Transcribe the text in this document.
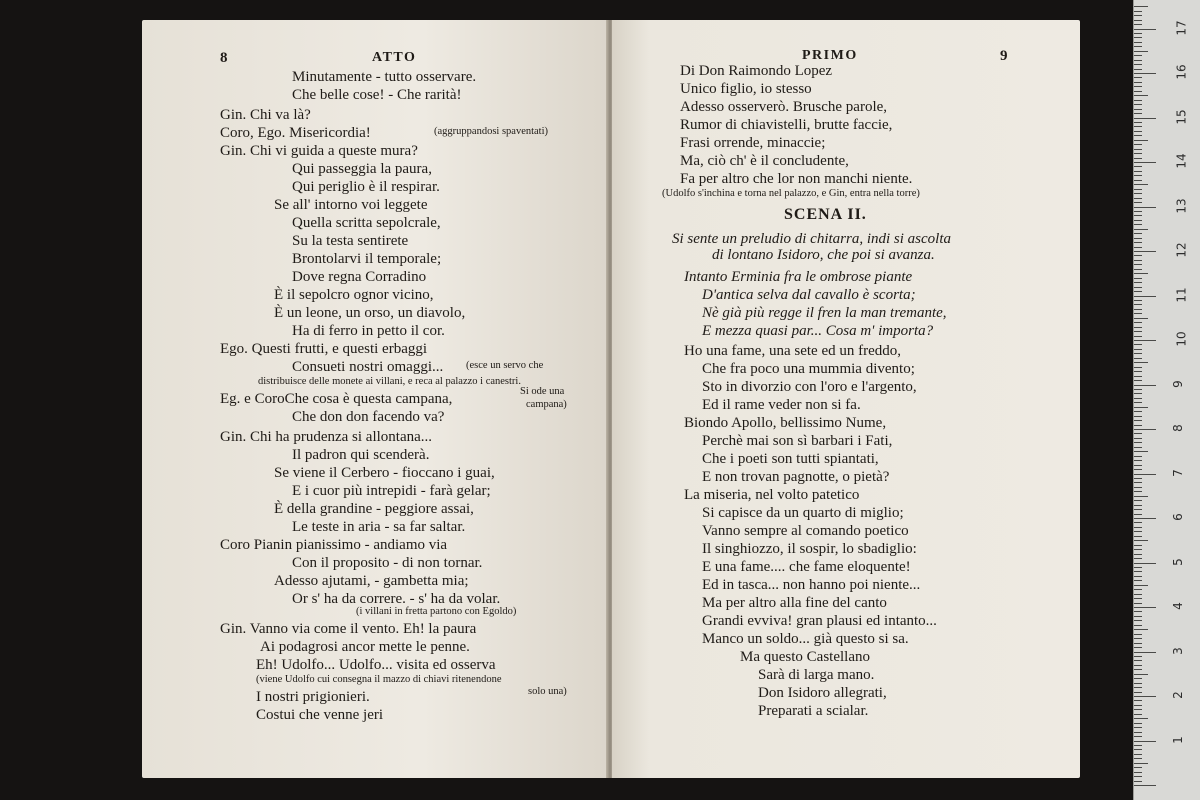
8	ATTO
Minutamente - tutto osservare.
Che belle cose! - Che rarità!
Gin. Chi va là?
Coro, Ego. Misericordia!	(aggruppandosi spaventati)
Gin. Chi vi guida a queste mura?
Qui passeggia la paura,
Qui periglio è il respirar.
Se all' intorno voi leggete
Quella scritta sepolcrale,
Su la testa sentirete
Brontolarvi il temporale;
Dove regna Corradino
È il sepolcro ognor vicino,
È un leone, un orso, un diavolo,
Ha di ferro in petto il cor.
Ego. Questi frutti, e questi erbaggi
Consueti nostri omaggi... (esce un servo che
distribuisce delle monete ai villani, e reca al palazzo i canestri.
Eg. e CoroChe cosa è questa campana,	Si ode una
campana)
Che don don facendo va?
Gin. Chi ha prudenza si allontana...
Il padron qui scenderà.
Se viene il Cerbero - fioccano i guai,
E i cuor più intrepidi - farà gelar;
È della grandine - peggiore assai,
Le teste in aria - sa far saltar.
Coro Pianin pianissimo - andiamo via
Con il proposito - di non tornar.
Adesso ajutami, - gambetta mia;
Or s' ha da correre. - s' ha da volar.
(i villani in fretta partono con Egoldo)
Gin. Vanno via come il vento. Eh! la paura
Ai podagrosi ancor mette le penne.
Eh! Udolfo... Udolfo... visita ed osserva
(viene Udolfo cui consegna il mazzo di chiavi ritenendone
I nostri prigionieri.	solo una)
Costui che venne jeri
PRIMO	9
SCENA II.
Di Don Raimondo Lopez
Unico figlio, io stesso
Adesso osserverò. Brusche parole,
Rumor di chiavistelli, brutte faccie,
Frasi orrende, minaccie;
Ma, ciò ch' è il concludente,
Fa per altro che lor non manchi niente.
(Udolfo s'inchina e torna nel palazzo, e Gin, entra nella torre)
Si sente un preludio di chitarra, indi si ascolta
di lontano Isidoro, che poi si avanza.
Intanto Erminia fra le ombrose piante
D'antica selva dal cavallo è scorta;
Nè già più regge il fren la man tremante,
E mezza quasi par... Cosa m' importa?
Ho una fame, una sete ed un freddo,
Che fra poco una mummia divento;
Sto in divorzio con l'oro e l'argento,
Ed il rame veder non si fa.
Biondo Apollo, bellissimo Nume,
Perchè mai son sì barbari i Fati,
Che i poeti son tutti spiantati,
E non trovan pagnotte, o pietà?
La miseria, nel volto patetico
Si capisce da un quarto di miglio;
Vanno sempre al comando poetico
Il singhiozzo, il sospir, lo sbadiglio:
E una fame.... che fame eloquente!
Ed in tasca... non hanno poi niente...
Ma per altro alla fine del canto
Grandi evviva! gran plausi ed intanto...
Manco un soldo... già questo si sa.
Ma questo Castellano
Sarà di larga mano.
Don Isidoro allegrati,
Preparati a scialar.
1
2
3
4
5
6
7
8
9
10
11
12
13
14
15
16
17
